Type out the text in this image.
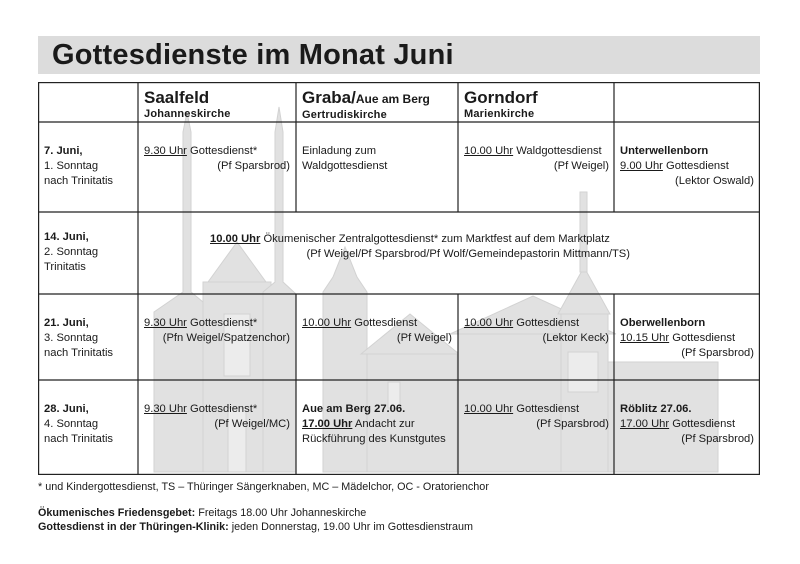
Gottesdienste im Monat Juni
Saalfeld
Johanneskirche
Graba/Aue am Berg
Gertrudiskirche
Gorndorf
Marienkirche
7. Juni,
1. Sonntag
nach Trinitatis
9.30 Uhr Gottesdienst*
(Pf Sparsbrod)
Einladung zum
Waldgottesdienst
10.00 Uhr Waldgottesdienst
(Pf Weigel)
Unterwellenborn
9.00 Uhr Gottesdienst
(Lektor Oswald)
14. Juni,
2. Sonntag
Trinitatis
10.00 Uhr Ökumenischer Zentralgottesdienst* zum Marktfest auf dem Marktplatz
(Pf Weigel/Pf Sparsbrod/Pf Wolf/Gemeindepastorin Mittmann/TS)
21. Juni,
3. Sonntag
nach Trinitatis
9.30 Uhr Gottesdienst*
(Pfn Weigel/Spatzenchor)
10.00 Uhr Gottesdienst
(Pf Weigel)
10.00 Uhr Gottesdienst
(Lektor Keck)
Oberwellenborn
10.15 Uhr Gottesdienst
(Pf Sparsbrod)
28. Juni,
4. Sonntag
nach Trinitatis
9.30 Uhr Gottesdienst*
(Pf Weigel/MC)
Aue am Berg 27.06.
17.00 Uhr Andacht zur
Rückführung des Kunstgutes
10.00 Uhr Gottesdienst
(Pf Sparsbrod)
Röblitz 27.06.
17.00 Uhr Gottesdienst
(Pf Sparsbrod)
* und Kindergottesdienst, TS – Thüringer Sängerknaben, MC – Mädelchor, OC - Oratorienchor
Ökumenisches Friedensgebet: Freitags 18.00 Uhr Johanneskirche
Gottesdienst in der Thüringen-Klinik: jeden Donnerstag, 19.00 Uhr im Gottesdienstraum
